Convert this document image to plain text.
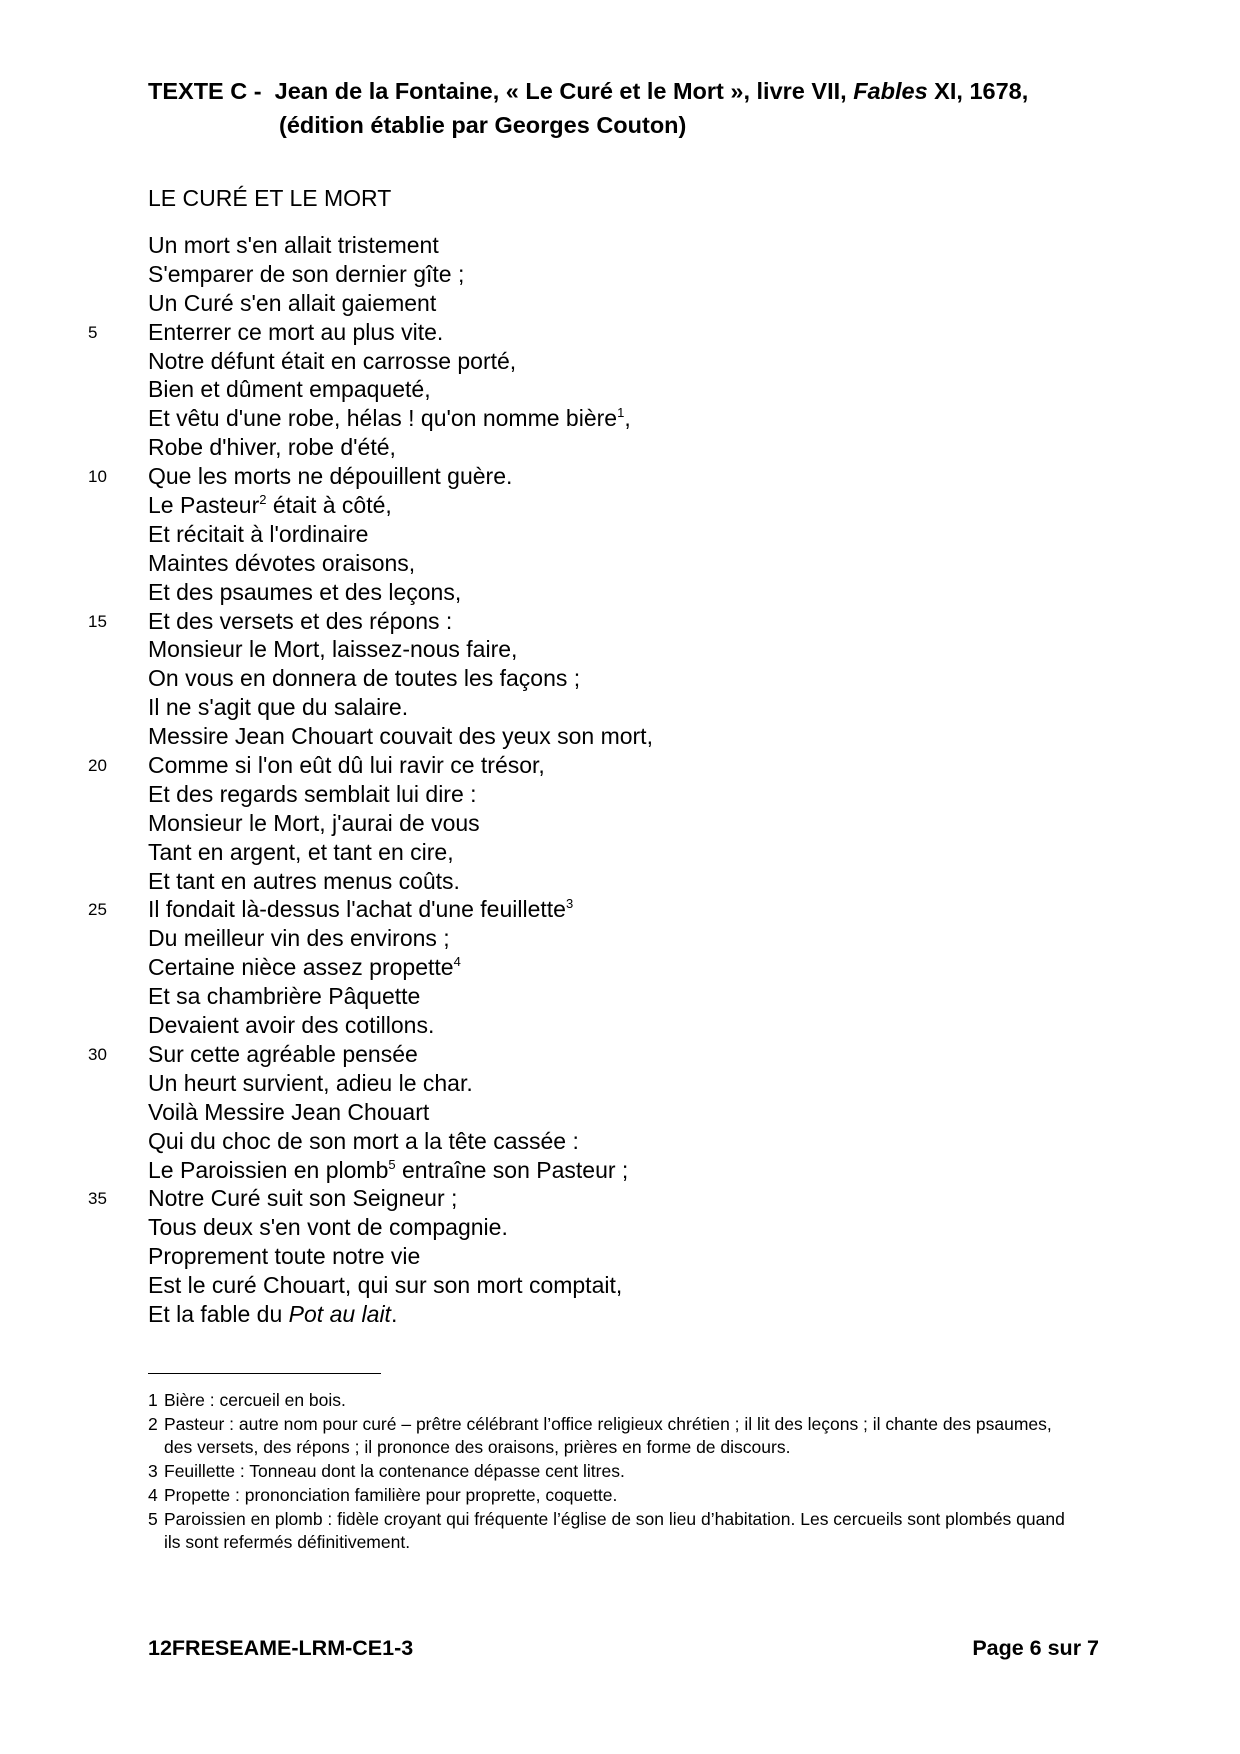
TEXTE C - Jean de la Fontaine, « Le Curé et le Mort », livre VII, Fables XI, 1678,
(édition établie par Georges Couton)
LE CURÉ ET LE MORT
Un mort s'en allait tristement
S'emparer de son dernier gîte ;
Un Curé s'en allait gaiement
5	Enterrer ce mort au plus vite.
Notre défunt était en carrosse porté,
Bien et dûment empaqueté,
Et vêtu d'une robe, hélas ! qu'on nomme bière$^1$,
Robe d'hiver, robe d'été,
10	Que les morts ne dépouillent guère.
Le Pasteur$^2$ était à côté,
Et récitait à l'ordinaire
Maintes dévotes oraisons,
Et des psaumes et des leçons,
15	Et des versets et des répons :
Monsieur le Mort, laissez-nous faire,
On vous en donnera de toutes les façons ;
Il ne s'agit que du salaire.
Messire Jean Chouart couvait des yeux son mort,
20	Comme si l'on eût dû lui ravir ce trésor,
Et des regards semblait lui dire :
Monsieur le Mort, j'aurai de vous
Tant en argent, et tant en cire,
Et tant en autres menus coûts.
25	Il fondait là-dessus l'achat d'une feuillette$^3$
Du meilleur vin des environs ;
Certaine nièce assez propette$^4$
Et sa chambrière Pâquette
Devaient avoir des cotillons.
30	Sur cette agréable pensée
Un heurt survient, adieu le char.
Voilà Messire Jean Chouart
Qui du choc de son mort a la tête cassée :
Le Paroissien en plomb$^5$ entraîne son Pasteur ;
35	Notre Curé suit son Seigneur ;
Tous deux s'en vont de compagnie.
Proprement toute notre vie
Est le curé Chouart, qui sur son mort comptait,
Et la fable du Pot au lait.
1 Bière : cercueil en bois.
2 Pasteur : autre nom pour curé – prêtre célébrant l’office religieux chrétien ; il lit des leçons ; il chante des psaumes, des versets, des répons ; il prononce des oraisons, prières en forme de discours.
3 Feuillette : Tonneau dont la contenance dépasse cent litres.
4 Propette : prononciation familière pour proprette, coquette.
5 Paroissien en plomb : fidèle croyant qui fréquente l’église de son lieu d’habitation. Les cercueils sont plombés quand ils sont refermés définitivement.
12FRESEAME-LRM-CE1-3	Page 6 sur 7
